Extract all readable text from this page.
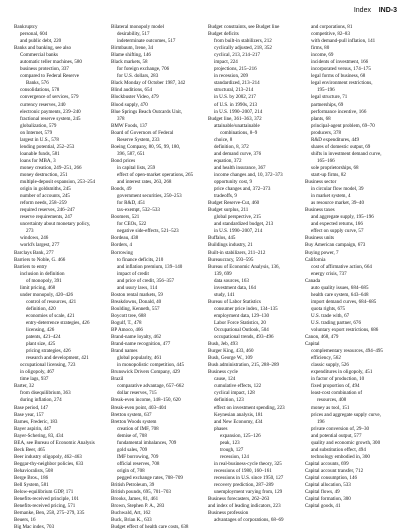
Index IND-3
Bankruptcy
personal, 604
and public debt, 220
Banks and banking, see also
Commercial banks
automatic teller machines, 580
business protection, 337
compared to Federal Reserve
Banks, 576
consolidations, 578
convergence of services, 579
currency reserves, 240
electronic payments, 239–240
fractional reserve system, 245
globalization, 579
on Internet, 579
largest in U.S., 578
lending potential, 252–253
loanable funds, 581
loans for MBA, 3
money creation, 249–251, 266
money destruction, 251
multiple-deposit expansion, 253–254
origin in goldsmiths, 245
number of accounts, 245
reform needs, 258–259
required reserves, 246–247
reserve requirements, 247
uncertainty about monetary policy,
273
windows, 246
world's largest, 277
Barclays Bank, 277
Barriers to Noble, G. 466
Barriers to entry
inclusion in definition
of monopoly, 391
limit pricing, 468
under monopoly, 420–426
control of resources, 421
definition, 420
economies of scale, 421
entry-deterrence strategies, 426
licensing, 426
patents, 421–424
plant size, 425
pricing strategies, 426
research and development, 421
occupational licensing, 723
in oligopoly, 467
time lags, 937
Barter, 32
from disequilibrium, 363
during inflation, 274
Base period, 147
Base year, 157
Barnes, Frederic, 183
Bayer aspirin, 447
Bayer-Schering, 83, 434
BEA, see Bureau of Economic Analysis
Beck Beer, 465
Beer industry oligopoly, 462–463
Beggar-thy-neighbor policies, 633
Behavioralists, 508
Berge Bros., 186
Bell System, 581
Below-equilibrium GDP, 171
Benefits-received principle, 101
Benefits-received pricing, 571
Bernanke, Ben, 258, 275–279, 335
Beuers, 16
Big Mac index, 703
Bilateral monopoly model
desirability, 517
indeterminate outcomes, 517
Birmbaum, Irene, 34
Blame shifting, 146
Black markets, 58
for foreign exchange, 706
for U.S. dollars, 283
Black Monday of October 1987, 342
Blind auditions, 654
Blockbuster Video, 479
Blood supply, 470
Blue Springs Beach Outcards Unit,
378
BMW Foods, 137
Board of Governors of Federal
Reserve System, 233
Boeing Company, 80, 95, 99, 180,
396, 587, 651
Bond prices
in capital lists, 259
effect of open-market operations, 265
and interest rates, 263, 268
Bonds, 49
government securities, 250–253
for R&D, 451
tax-exempt, 532–533
Boomers, 521
for CEOs, 522
negative side-effects, 521–523
Bordeau, 438
Borders, 4
Borrowing
to finance deficits, 210
and inflation premium, 139–140
impact of credit
and price of credit, 356–357
and usury laws, 114
Boston rental markets, 59
Breakdowns, Donald, 40
Boulding, Kenneth, 557
Boycott tree, 688
Bogulf, T., 478
BP Amoco, 466
Brand-name loyalty, 462
Brand-name recognition, 477
Brand names
global popularity, 461
in monopolistic competition, 445
Brunswick Drivers Company, 429
Brazil
comparative advantage, 657–662
dollar reserves, 715
Break-even income, 148–150, 620
Break-even point, 403–404
Bretton system, 637
Bretton Woods system
creation of IMF, 708
demise of, 708
fundamental imbalances, 709
gold sales, 709
IMF borrowing, 709
official reserves, 708
origin of, 708
pegged exchange rates, 708–709
British Petroleum, 39
British pounds, 695, 701–703
Brooks, James, 81, 461
Brown, Stephen P. A., 283
Buchwald, Art, 162
Buck, Brian K., 633
Budget effect of health care costs, 638
Budget constraints, see Budget line
Budget deficits
from built-in stabilizers, 212
cyclically adjusted, 218, 352
cyclical, 213, 214–217
impact, 224
projections, 215–216
in recession, 209
standardized, 213–214
structural, 213–214
in U.S. by 2002, 217
of U.S. in 1990s, 213
in U.S. 1990–2007, 214
Budget line, 361–363, 372
attainable/unattainable
combinations, 8–9
choice, 8
definition, 8, 372
and demand curve, 376
equation, 372
and health insurance, 367
income changes and, 10, 372–373
opportunity cost, 9
price changes and, 372–373
tradeoffs, 9
Budget Reserve-Cut, 460
Budget surplus, 211
global perspective, 215
and standardized budget, 213
in U.S. 1990–2007, 214
Buffalos, 445
Buildings industry, 21
Built-in stabilizers, 211–212
Bureaucracy, 593–595
Bureau of Economic Analysis, 136,
139, 699
data sources, 163
investment data, 164
study, 141
Bureau of Labor Statistics
consumer price index, 134–135
employment data, 129–130
Labor Force Statistics, 20
Occupational Outlook, 504
occupational trends, 493–496
Bush, Jeb, 493
Burger King, 433, 460
Bush, George W., 109
Bush administration, 215, 288–289
Business cycle
cause, 124
cumulative effects, 122
cyclical impact, 128
definition, 123
effect on investment spending, 223
Keynesian analysis, 181
and New Economy, 434
phases
expansion, 125–126
peak, 123
trough, 127
recession, 124
in real-business-cycle theory, 325
recessions of 1980, 160–161
recessions in U.S. since 1950, 127
recovery prediction, 287–289
unemployment varying from, 129
Business forecasters, 262–263
and index of leading indicators, 223
Business profession
advantages of corporations, 68–69
and corporations, 81
competitive, 82–83
with demand-pull inflation, 141
firms, 80
income, 69
incidents of investment, 166
incorporated versus, 174–175
legal forms of business, 68
legal environment restrictions,
195–196
legal structure, 71
partnerships, 69
performance incentive, 166
plants, 68
principal-agent problem, 69–70
producers, 378
R&D expenditures, 449
shares of domestic output, 69
shifts in investment demand curve,
165–166
sole proprietorships, 68
start-up firms, 82
Business sector
in circular flow model, 39
in market system, 4
as resource market, 39–40
Business taxes
and aggregate supply, 195–196
and expected returns, 166
effect on supply curve, 57
Business units
Buy American campaign, 673
Buying power, 7
California
cost of affirmative action, 664
energy crisis, 737
Canada
auto quality issues, 684–685
health care system, 643–648
import demand curves, 684–685
quota rights, 675
U.S. trade with, 67
U.S. trading partner, 676
voluntary export restrictions, 686
Canon, 468, 479
Capital
complementary resources, 494–495
efficiency, 562
classic supply, 526
expenditures in oligopoly, 451
in factor of production, 10
fixed proportion of, 494
least-cost combination of
resources, 408
money as tool, 151
prices and aggregate supply curve,
196
private conversion of, 29–30
and potential output, 577
quality and economic growth, 300
and substitution effect, 494
technology embodied in, 300
Capital accounts, 699
Capital account transfer, 712
Capital consumption, 146
Capital allocation, 533
Capital flows, 49
Capital formation, 300
Capital goods, 41
